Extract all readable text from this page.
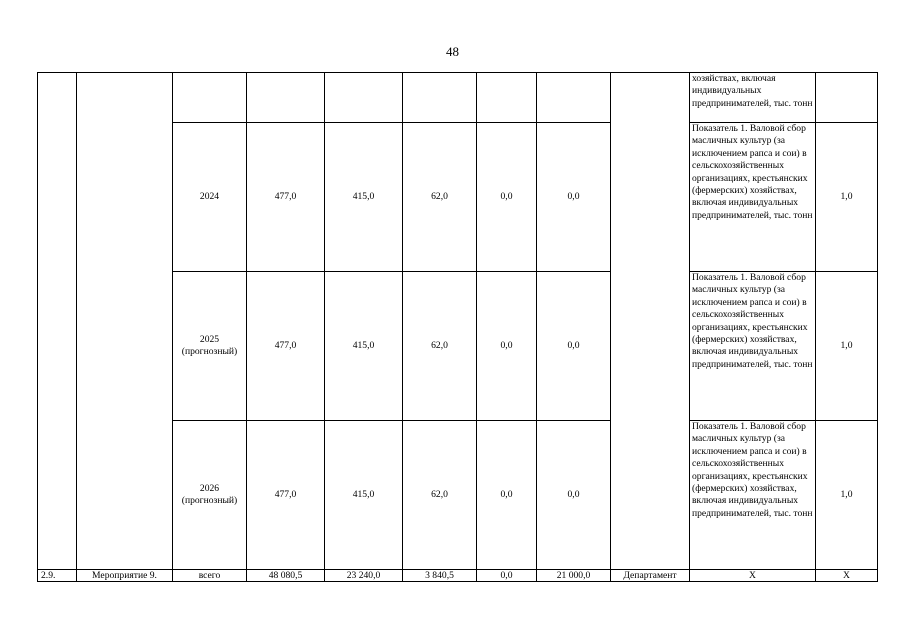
48
									хозяйствах, включая индивидуальных предпринимателей, тыс. тонн	

		2024	477,0	415,0	62,0	0,0	0,0		Показатель 1. Валовой сбор масличных культур (за исключением рапса и сои) в сельскохозяйственных организациях, крестьянских (фермерских) хозяйствах, включая индивидуальных предпринимателей, тыс. тонн	1,0

		2025
(прогнозный)	477,0	415,0	62,0	0,0	0,0		Показатель 1. Валовой сбор масличных культур (за исключением рапса и сои) в сельскохозяйственных организациях, крестьянских (фермерских) хозяйствах, включая индивидуальных предпринимателей, тыс. тонн	1,0

		2026
(прогнозный)	477,0	415,0	62,0	0,0	0,0		Показатель 1. Валовой сбор масличных культур (за исключением рапса и сои) в сельскохозяйственных организациях, крестьянских (фермерских) хозяйствах, включая индивидуальных предпринимателей, тыс. тонн	1,0
2.9.	Мероприятие 9.	всего	48 080,5	23 240,0	3 840,5	0,0	21 000,0	Департамент	Х	Х
